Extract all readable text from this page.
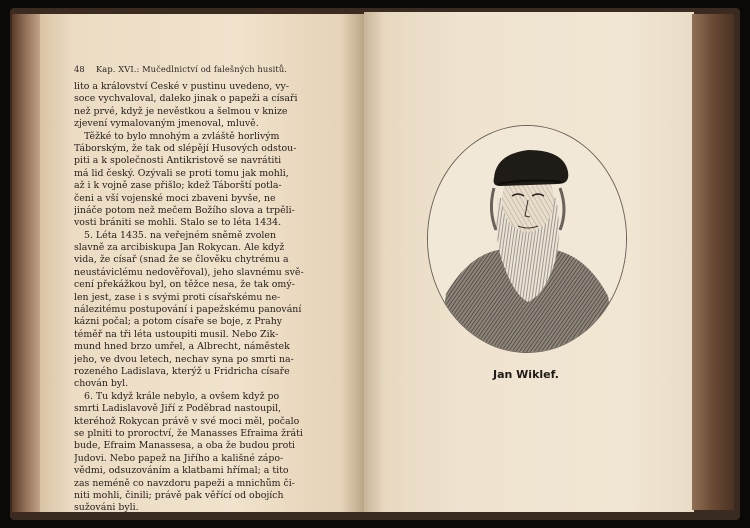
48 Kap. XVI.: Mučedlnictví od falešných husitů.
lito a království České v pustinu uvedeno, vy-
soce vychvaloval, daleko jinak o papeži a císaři
než prvé, když je nevěstkou a šelmou v knize
zjevení vymalovaným jmenoval, mluvě.
Těžké to bylo mnohým a zvláště horlivým
Táborským, že tak od slépějí Husových odstou-
piti a k společnosti Antikristově se navrátiti
má lid český. Ozývali se proti tomu jak mohli,
až i k vojně zase přišlo; kdež Táborští potla-
čeni a vší vojenské moci zbaveni byvše, ne
jináče potom než mečem Božího slova a trpěli-
vosti brániti se mohli. Stalo se to léta 1434.
5. Léta 1435. na veřejném sněmě zvolen
slavně za arcibiskupa Jan Rokycan. Ale když
vida, že císař (snad že se člověku chytrému a
neustáviclému nedověřoval), jeho slavnému svě-
cení překážkou byl, on těžce nesa, že tak omý-
len jest, zase i s svými proti císařskému ne-
nálezitému postupování i papežskému panování
kázni počal; a potom císaře se boje, z Prahy
téměř na tři léta ustoupiti musil. Nebo Zik-
mund hned brzo umřel, a Albrecht, náměstek
jeho, ve dvou letech, nechav syna po smrti na-
rozeného Ladislava, kterýž u Fridricha císaře
chován byl.
6. Tu když krále nebylo, a ovšem když po
smrti Ladislavově Jiří z Poděbrad nastoupil,
kteréhož Rokycan právě v své moci měl, počalo
se plniti to proroctví, že Manasses Efraima žráti
bude, Efraim Manassesa, a oba že budou proti
Judovi. Nebo papež na Jiřího a kališné zápo-
vědmi, odsuzováním a klatbami hřímal; a tito
zas neméně co navzdoru papeži a mnichům či-
niti mohli, činili; právě pak věřící od obojích
sužováni byli.
Jan Wiklef.
